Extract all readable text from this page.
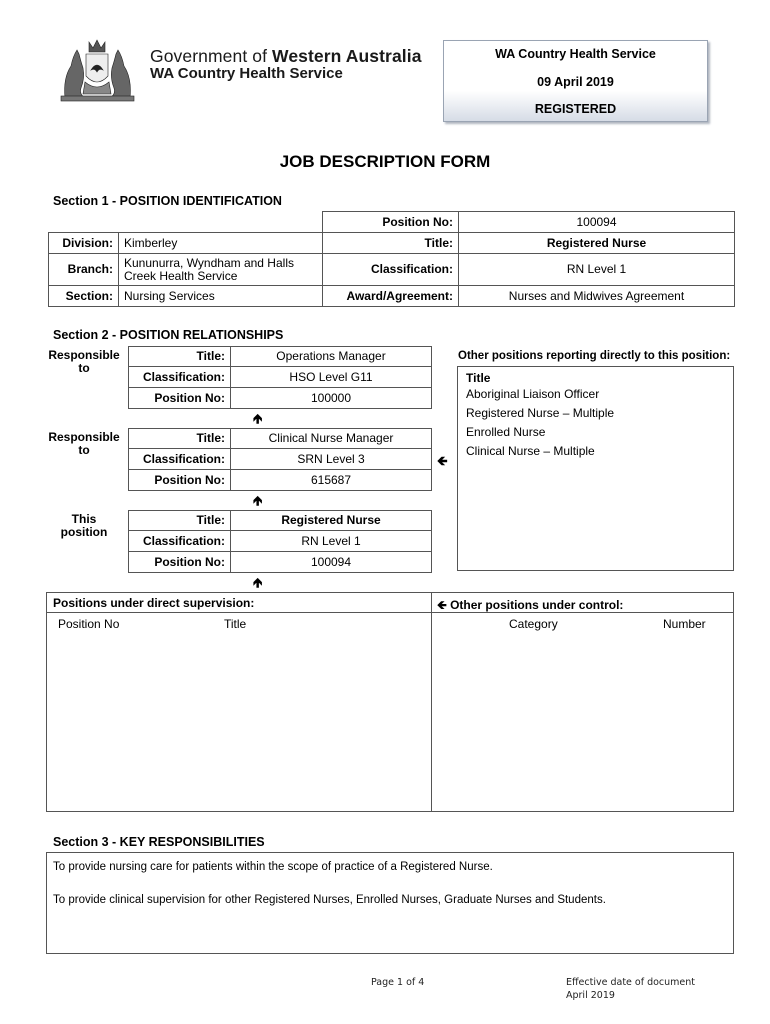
Government of Western Australia
WA Country Health Service
WA Country Health Service
09 April 2019
REGISTERED
JOB DESCRIPTION FORM
Section 1 - POSITION IDENTIFICATION
		Position No:	100094
Division:	Kimberley	Title:	Registered Nurse
Branch:	Kununurra, Wyndham and Halls Creek Health Service	Classification:	RN Level 1
Section:	Nursing Services	Award/Agreement:	Nurses and Midwives Agreement
Section 2 - POSITION RELATIONSHIPS
Responsible to
Title:	Operations Manager
Classification:	HSO Level G11
Position No:	100000
🡹
Responsible to
Title:	Clinical Nurse Manager
Classification:	SRN Level 3
Position No:	615687
🡸
🡹
This position
Title:	Registered Nurse
Classification:	RN Level 1
Position No:	100094
🡹
Other positions reporting directly to this position:
Title
Aboriginal Liaison Officer
Registered Nurse – Multiple
Enrolled Nurse
Clinical Nurse – Multiple
Positions under direct supervision:	🡸 Other positions under control:
Position No	Title	Category	Number
Section 3 - KEY RESPONSIBILITIES
To provide nursing care for patients within the scope of practice of a Registered Nurse.
To provide clinical supervision for other Registered Nurses, Enrolled Nurses, Graduate Nurses and Students.
Page 1 of 4	Effective date of document
April 2019
